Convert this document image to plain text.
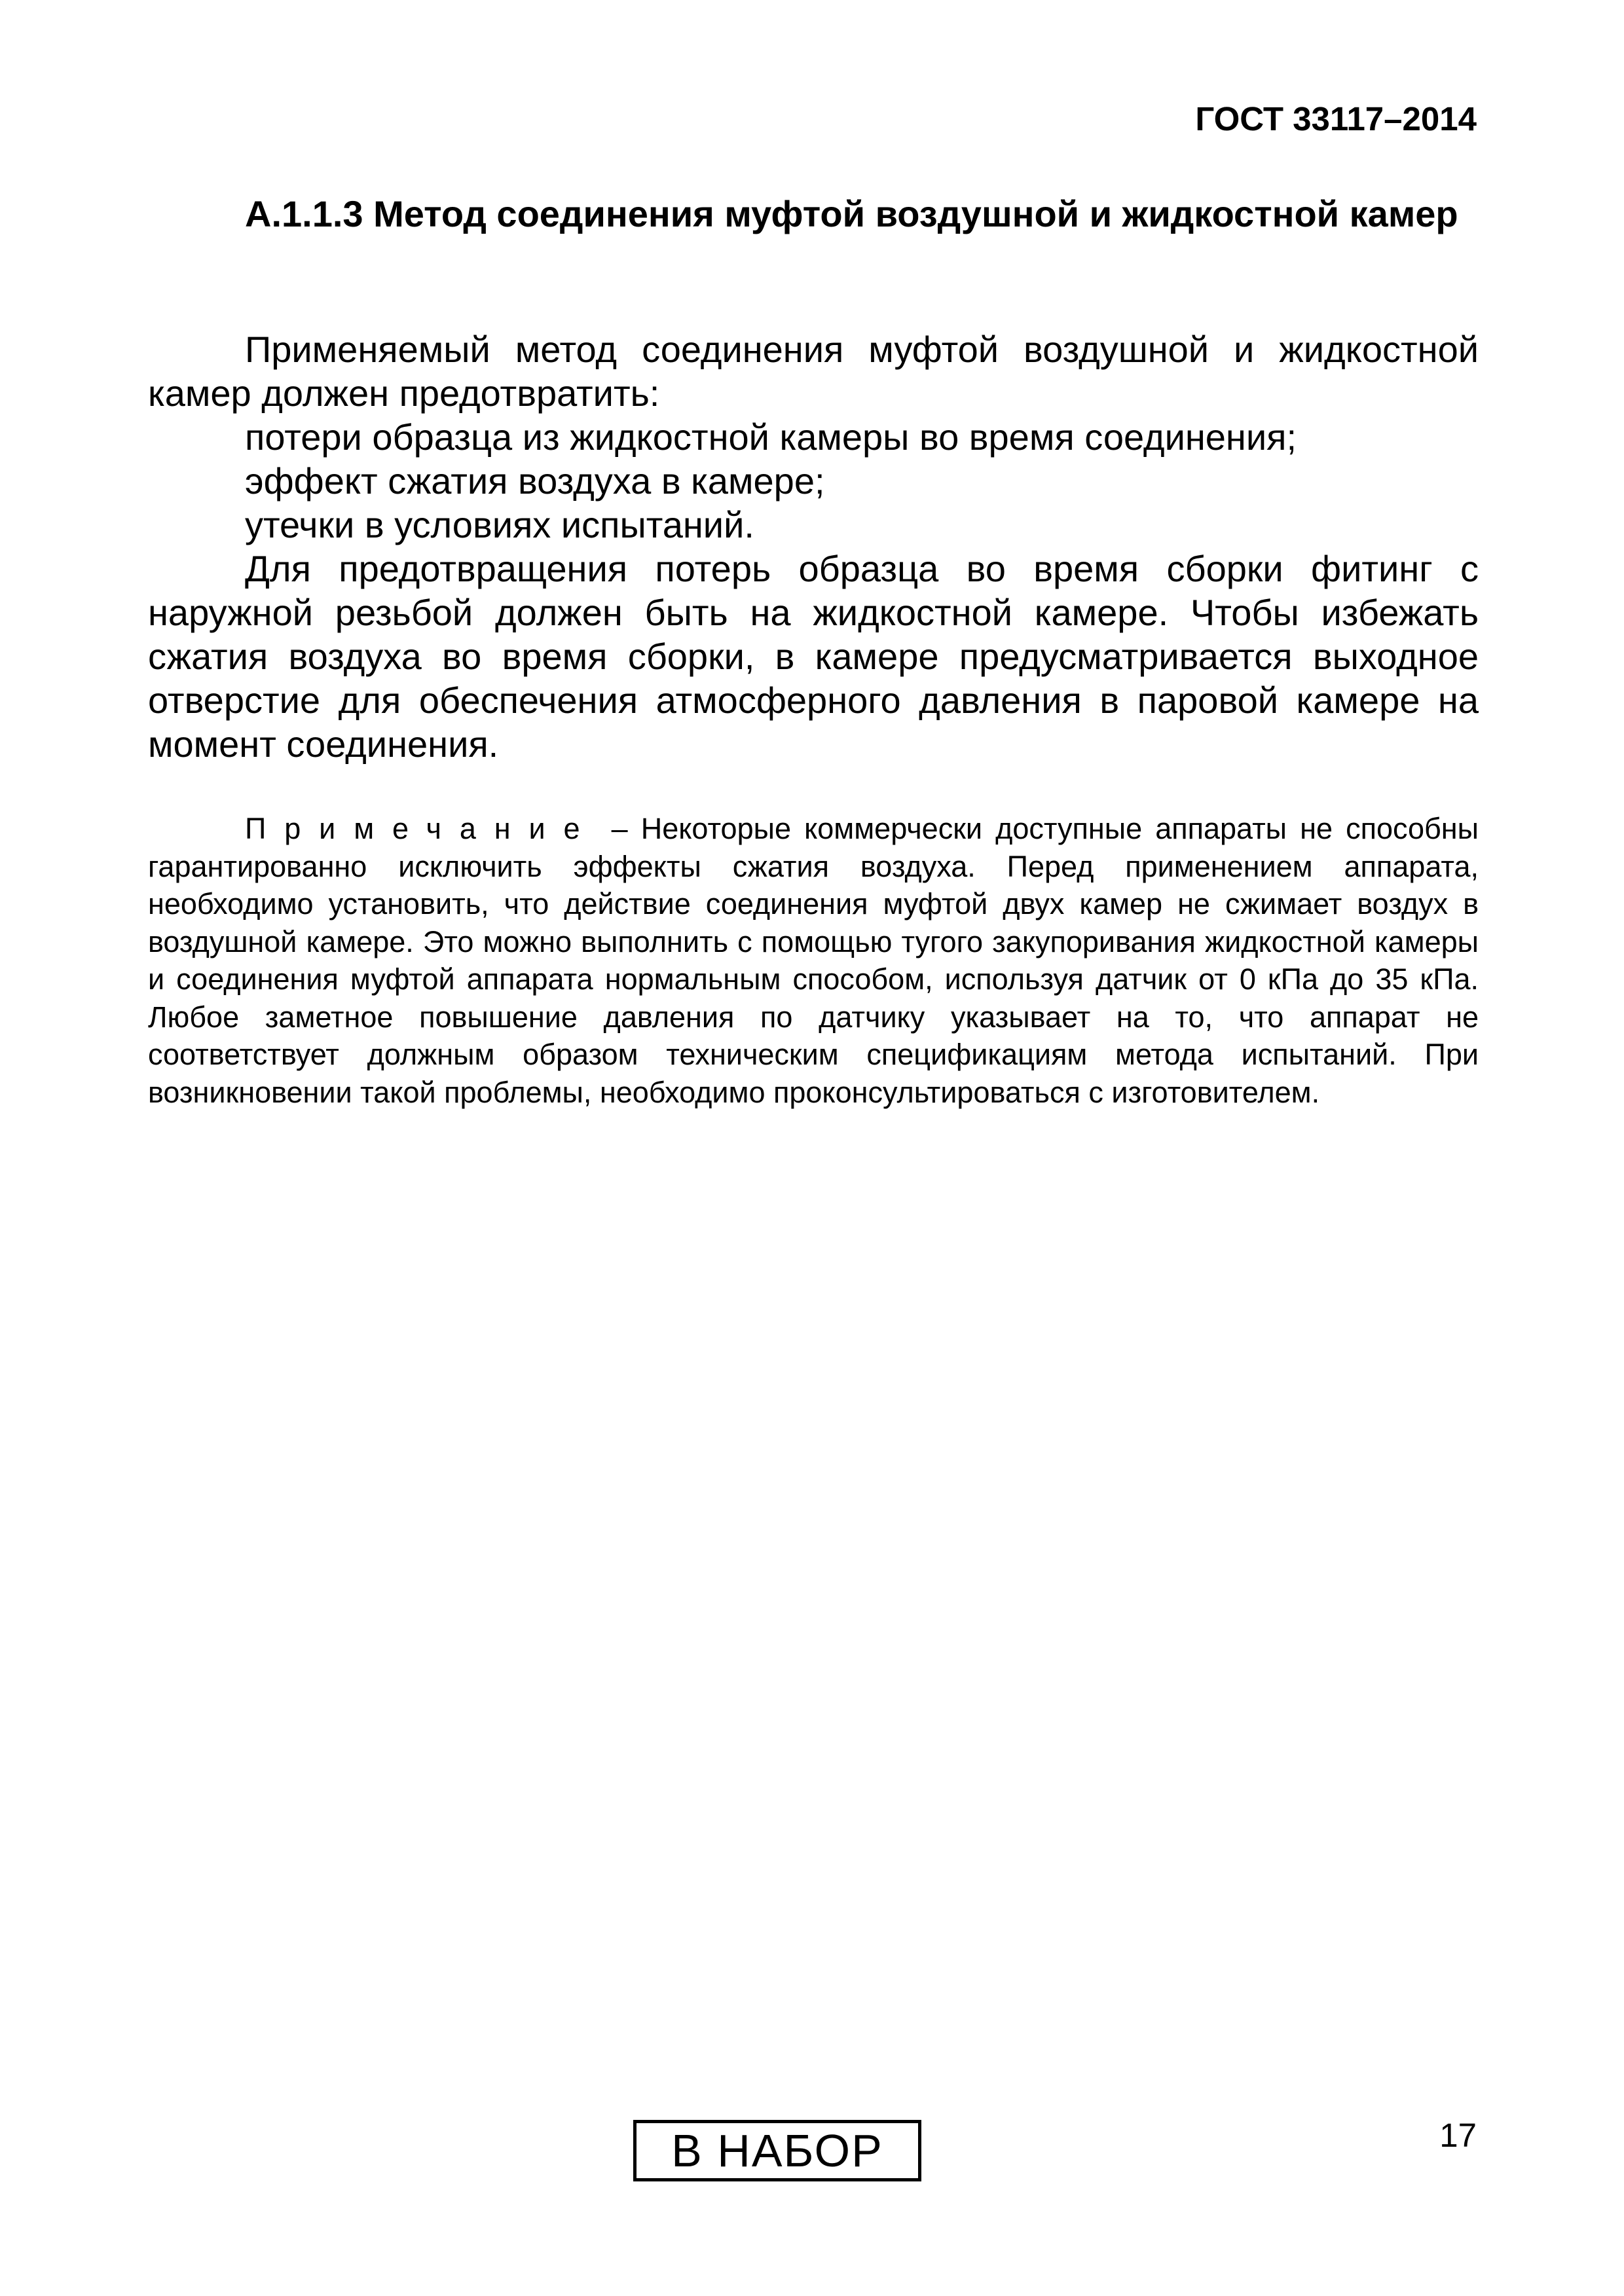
ГОСТ 33117–2014
А.1.1.3 Метод соединения муфтой воздушной и жидкостной камер

Применяемый метод соединения муфтой воздушной и жидкостной камер должен предотвратить:

потери образца из жидкостной камеры во время соединения;

эффект сжатия воздуха в камере;

утечки в условиях испытаний.

Для предотвращения потерь образца во время сборки фитинг с наружной резьбой должен быть на жидкостной камере. Чтобы избежать сжатия воздуха во время сборки, в камере предусматривается выходное отверстие для обеспечения атмосферного давления в паровой камере на момент соединения.

Примечание – Некоторые коммерчески доступные аппараты не способны гарантированно исключить эффекты сжатия воздуха. Перед применением аппарата, необходимо установить, что действие соединения муфтой двух камер не сжимает воздух в воздушной камере. Это можно выполнить с помощью тугого закупоривания жидкостной камеры и соединения муфтой аппарата нормальным способом, используя датчик от 0 кПа до 35 кПа. Любое заметное повышение давления по датчику указывает на то, что аппарат не соответствует должным образом техническим спецификациям метода испытаний. При возникновении такой проблемы, необходимо проконсультироваться с изготовителем.

17
В НАБОР
